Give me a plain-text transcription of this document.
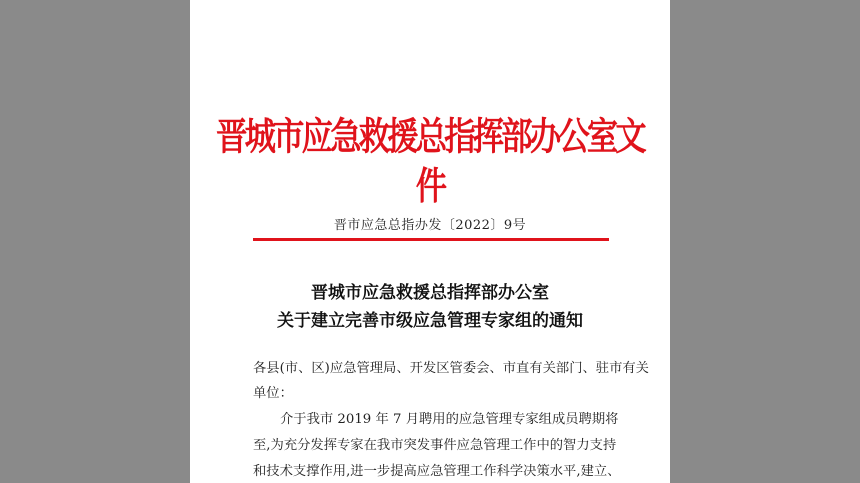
晋城市应急救援总指挥部办公室文件
晋市应急总指办发〔2022〕9号
晋城市应急救援总指挥部办公室
关于建立完善市级应急管理专家组的通知
各县(市、区)应急管理局、开发区管委会、市直有关部门、驻市有关
单位：
介于我市 2019 年 7 月聘用的应急管理专家组成员聘期将
至,为充分发挥专家在我市突发事件应急管理工作中的智力支持
和技术支撑作用,进一步提高应急管理工作科学决策水平,建立、
